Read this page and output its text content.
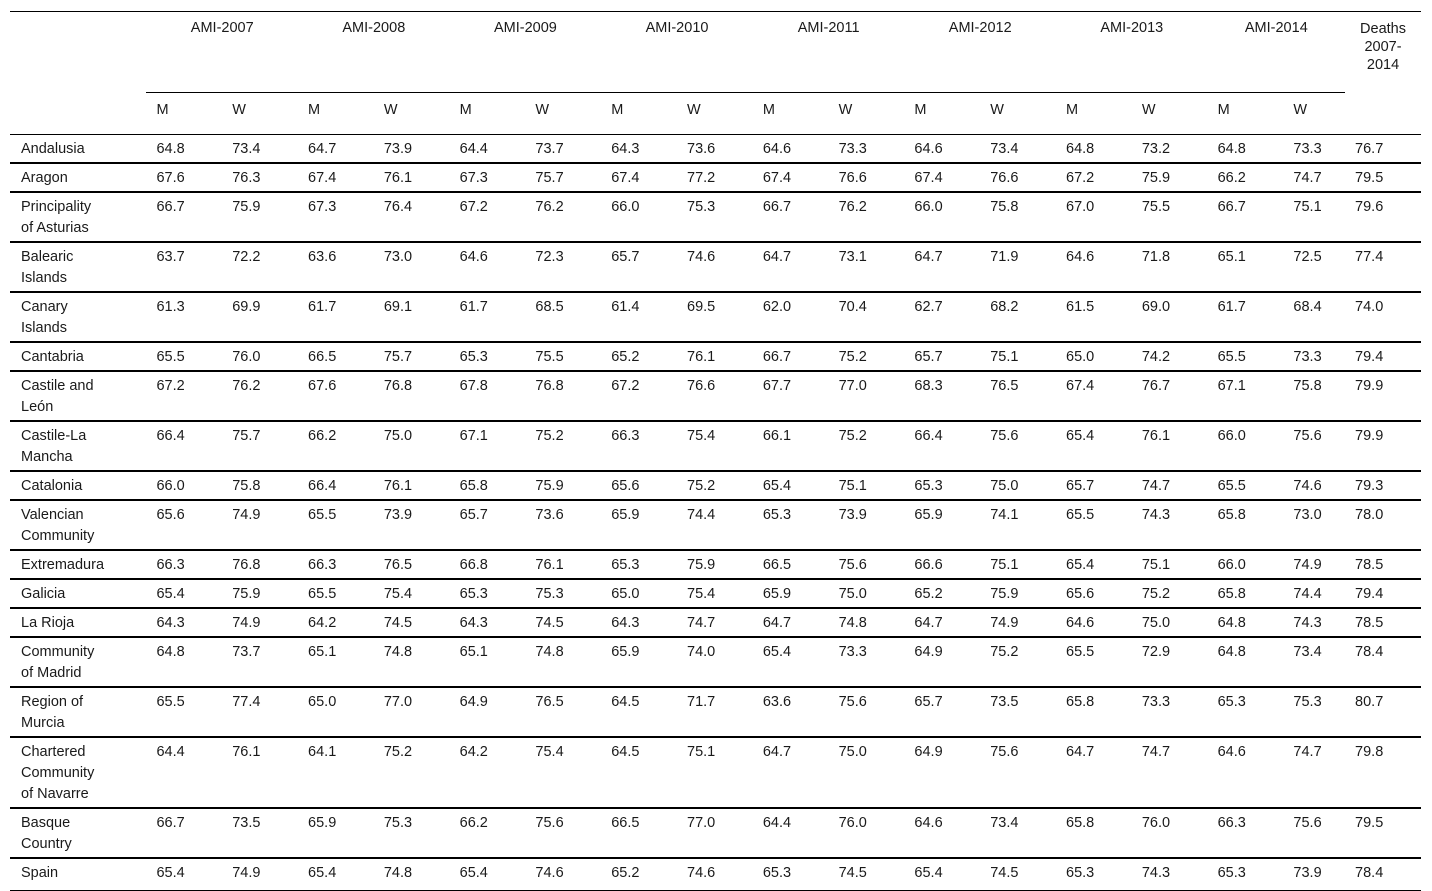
	AMI-2007		AMI-2008		AMI-2009		AMI-2010		AMI-2011		AMI-2012		AMI-2013		AMI-2014		Deaths
2007-
2014

	M	W	M	W	M	W	M	W	M	W	M	W	M	W	M	W	

Andalusia	64.8	73.4	64.7	73.9	64.4	73.7	64.3	73.6	64.6	73.3	64.6	73.4	64.8	73.2	64.8	73.3	76.7

Aragon	67.6	76.3	67.4	76.1	67.3	75.7	67.4	77.2	67.4	76.6	67.4	76.6	67.2	75.9	66.2	74.7	79.5

Principality
of Asturias	66.7	75.9	67.3	76.4	67.2	76.2	66.0	75.3	66.7	76.2	66.0	75.8	67.0	75.5	66.7	75.1	79.6

Balearic
Islands	63.7	72.2	63.6	73.0	64.6	72.3	65.7	74.6	64.7	73.1	64.7	71.9	64.6	71.8	65.1	72.5	77.4

Canary
Islands	61.3	69.9	61.7	69.1	61.7	68.5	61.4	69.5	62.0	70.4	62.7	68.2	61.5	69.0	61.7	68.4	74.0

Cantabria	65.5	76.0	66.5	75.7	65.3	75.5	65.2	76.1	66.7	75.2	65.7	75.1	65.0	74.2	65.5	73.3	79.4

Castile and
León	67.2	76.2	67.6	76.8	67.8	76.8	67.2	76.6	67.7	77.0	68.3	76.5	67.4	76.7	67.1	75.8	79.9

Castile-La
Mancha	66.4	75.7	66.2	75.0	67.1	75.2	66.3	75.4	66.1	75.2	66.4	75.6	65.4	76.1	66.0	75.6	79.9

Catalonia	66.0	75.8	66.4	76.1	65.8	75.9	65.6	75.2	65.4	75.1	65.3	75.0	65.7	74.7	65.5	74.6	79.3

Valencian
Community	65.6	74.9	65.5	73.9	65.7	73.6	65.9	74.4	65.3	73.9	65.9	74.1	65.5	74.3	65.8	73.0	78.0

Extremadura	66.3	76.8	66.3	76.5	66.8	76.1	65.3	75.9	66.5	75.6	66.6	75.1	65.4	75.1	66.0	74.9	78.5

Galicia	65.4	75.9	65.5	75.4	65.3	75.3	65.0	75.4	65.9	75.0	65.2	75.9	65.6	75.2	65.8	74.4	79.4

La Rioja	64.3	74.9	64.2	74.5	64.3	74.5	64.3	74.7	64.7	74.8	64.7	74.9	64.6	75.0	64.8	74.3	78.5

Community
of Madrid	64.8	73.7	65.1	74.8	65.1	74.8	65.9	74.0	65.4	73.3	64.9	75.2	65.5	72.9	64.8	73.4	78.4

Region of
Murcia	65.5	77.4	65.0	77.0	64.9	76.5	64.5	71.7	63.6	75.6	65.7	73.5	65.8	73.3	65.3	75.3	80.7

Chartered
Community
of Navarre	64.4	76.1	64.1	75.2	64.2	75.4	64.5	75.1	64.7	75.0	64.9	75.6	64.7	74.7	64.6	74.7	79.8

Basque
Country	66.7	73.5	65.9	75.3	66.2	75.6	66.5	77.0	64.4	76.0	64.6	73.4	65.8	76.0	66.3	75.6	79.5

Spain	65.4	74.9	65.4	74.8	65.4	74.6	65.2	74.6	65.3	74.5	65.4	74.5	65.3	74.3	65.3	73.9	78.4
